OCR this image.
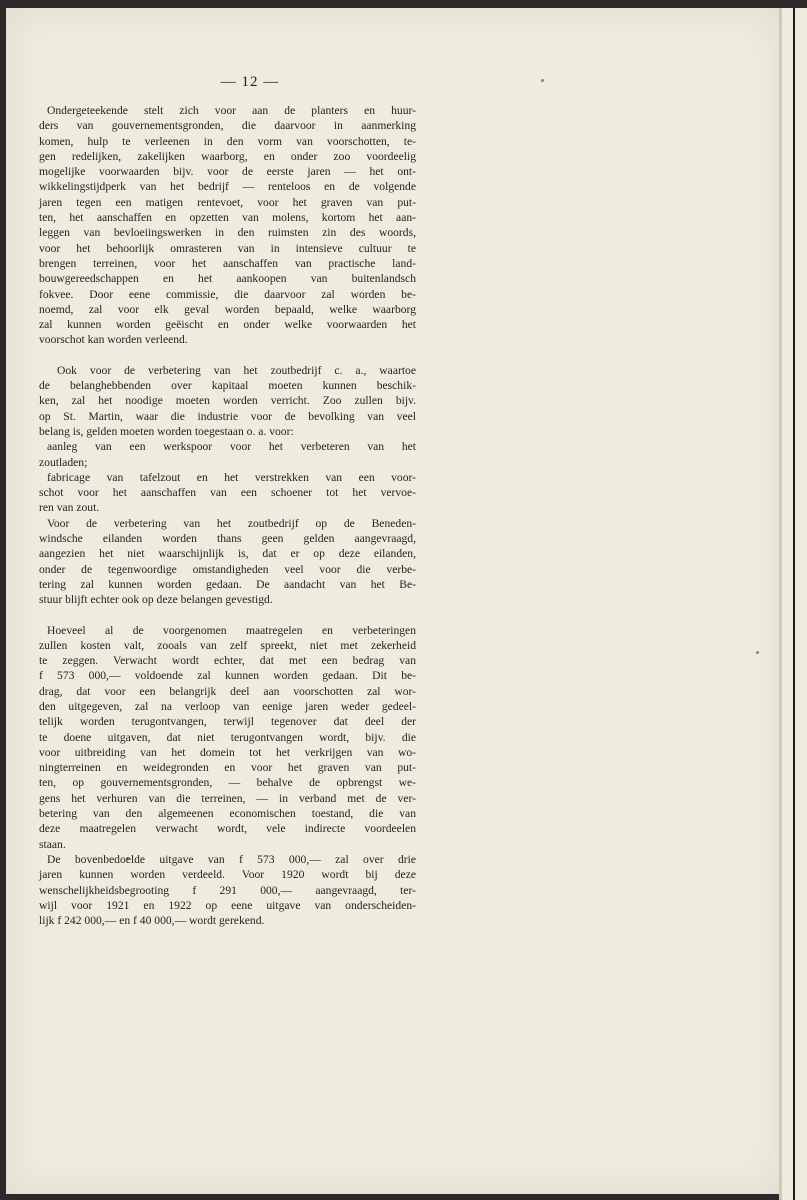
— 12 —
Ondergeteekende stelt zich voor aan de planters en huur-
ders van gouvernementsgronden, die daarvoor in aanmerking
komen, hulp te verleenen in den vorm van voorschotten, te-
gen redelijken, zakelijken waarborg, en onder zoo voordeelig
mogelijke voorwaarden bijv. voor de eerste jaren — het ont-
wikkelingstijdperk van het bedrijf — renteloos en de volgende
jaren tegen een matigen rentevoet, voor het graven van put-
ten, het aanschaffen en opzetten van molens, kortom het aan-
leggen van bevloeiingswerken in den ruimsten zin des woords,
voor het behoorlijk omrasteren van in intensieve cultuur te
brengen terreinen, voor het aanschaffen van practische land-
bouwgereedschappen en het aankoopen van buitenlandsch
fokvee. Door eene commissie, die daarvoor zal worden be-
noemd, zal voor elk geval worden bepaald, welke waarborg
zal kunnen worden geëischt en onder welke voorwaarden het
voorschot kan worden verleend.
Ook voor de verbetering van het zoutbedrijf c. a., waartoe
de belanghebbenden over kapitaal moeten kunnen beschik-
ken, zal het noodige moeten worden verricht. Zoo zullen bijv.
op St. Martin, waar die industrie voor de bevolking van veel
belang is, gelden moeten worden toegestaan o. a. voor:
aanleg van een werkspoor voor het verbeteren van het
zoutladen;
fabricage van tafelzout en het verstrekken van een voor-
schot voor het aanschaffen van een schoener tot het vervoe-
ren van zout.
Voor de verbetering van het zoutbedrijf op de Beneden-
windsche eilanden worden thans geen gelden aangevraagd,
aangezien het niet waarschijnlijk is, dat er op deze eilanden,
onder de tegenwoordige omstandigheden veel voor die verbe-
tering zal kunnen worden gedaan. De aandacht van het Be-
stuur blijft echter ook op deze belangen gevestigd.
Hoeveel al de voorgenomen maatregelen en verbeteringen
zullen kosten valt, zooals van zelf spreekt, niet met zekerheid
te zeggen. Verwacht wordt echter, dat met een bedrag van
f 573 000,— voldoende zal kunnen worden gedaan. Dit be-
drag, dat voor een belangrijk deel aan voorschotten zal wor-
den uitgegeven, zal na verloop van eenige jaren weder gedeel-
telijk worden terugontvangen, terwijl tegenover dat deel der
te doene uitgaven, dat niet terugontvangen wordt, bijv. die
voor uitbreiding van het domein tot het verkrijgen van wo-
ningterreinen en weidegronden en voor het graven van put-
ten, op gouvernementsgronden, — behalve de opbrengst we-
gens het verhuren van die terreinen, — in verband met de ver-
betering van den algemeenen economischen toestand, die van
deze maatregelen verwacht wordt, vele indirecte voordeelen
staan.
De bovenbedoelde uitgave van f 573 000,— zal over drie
jaren kunnen worden verdeeld. Voor 1920 wordt bij deze
wenschelijkheidsbegrooting f 291 000,— aangevraagd, ter-
wijl voor 1921 en 1922 op eene uitgave van onderscheiden-
lijk f 242 000,— en f 40 000,— wordt gerekend.
